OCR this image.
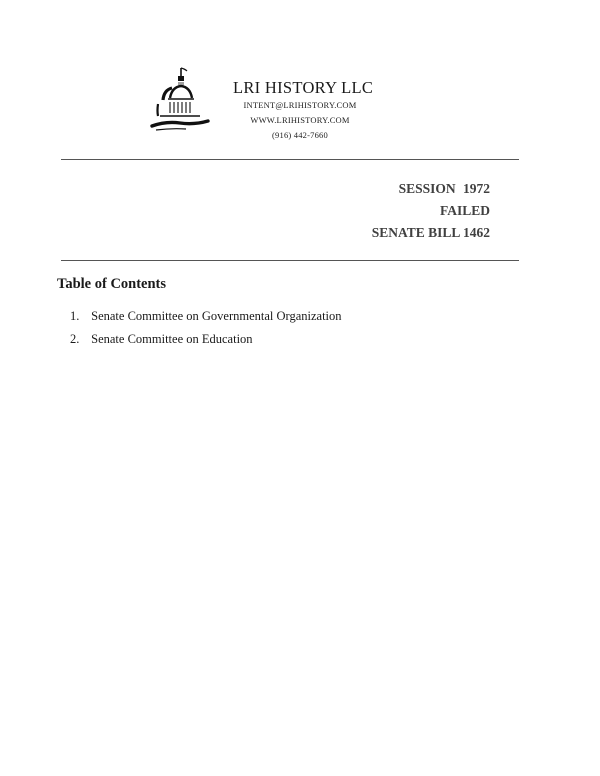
LRI HISTORY LLC
INTENT@LRIHISTORY.COM
WWW.LRIHISTORY.COM
(916) 442-7660
SESSION 1972
FAILED
SENATE BILL 1462
Table of Contents
1. Senate Committee on Governmental Organization
2. Senate Committee on Education
